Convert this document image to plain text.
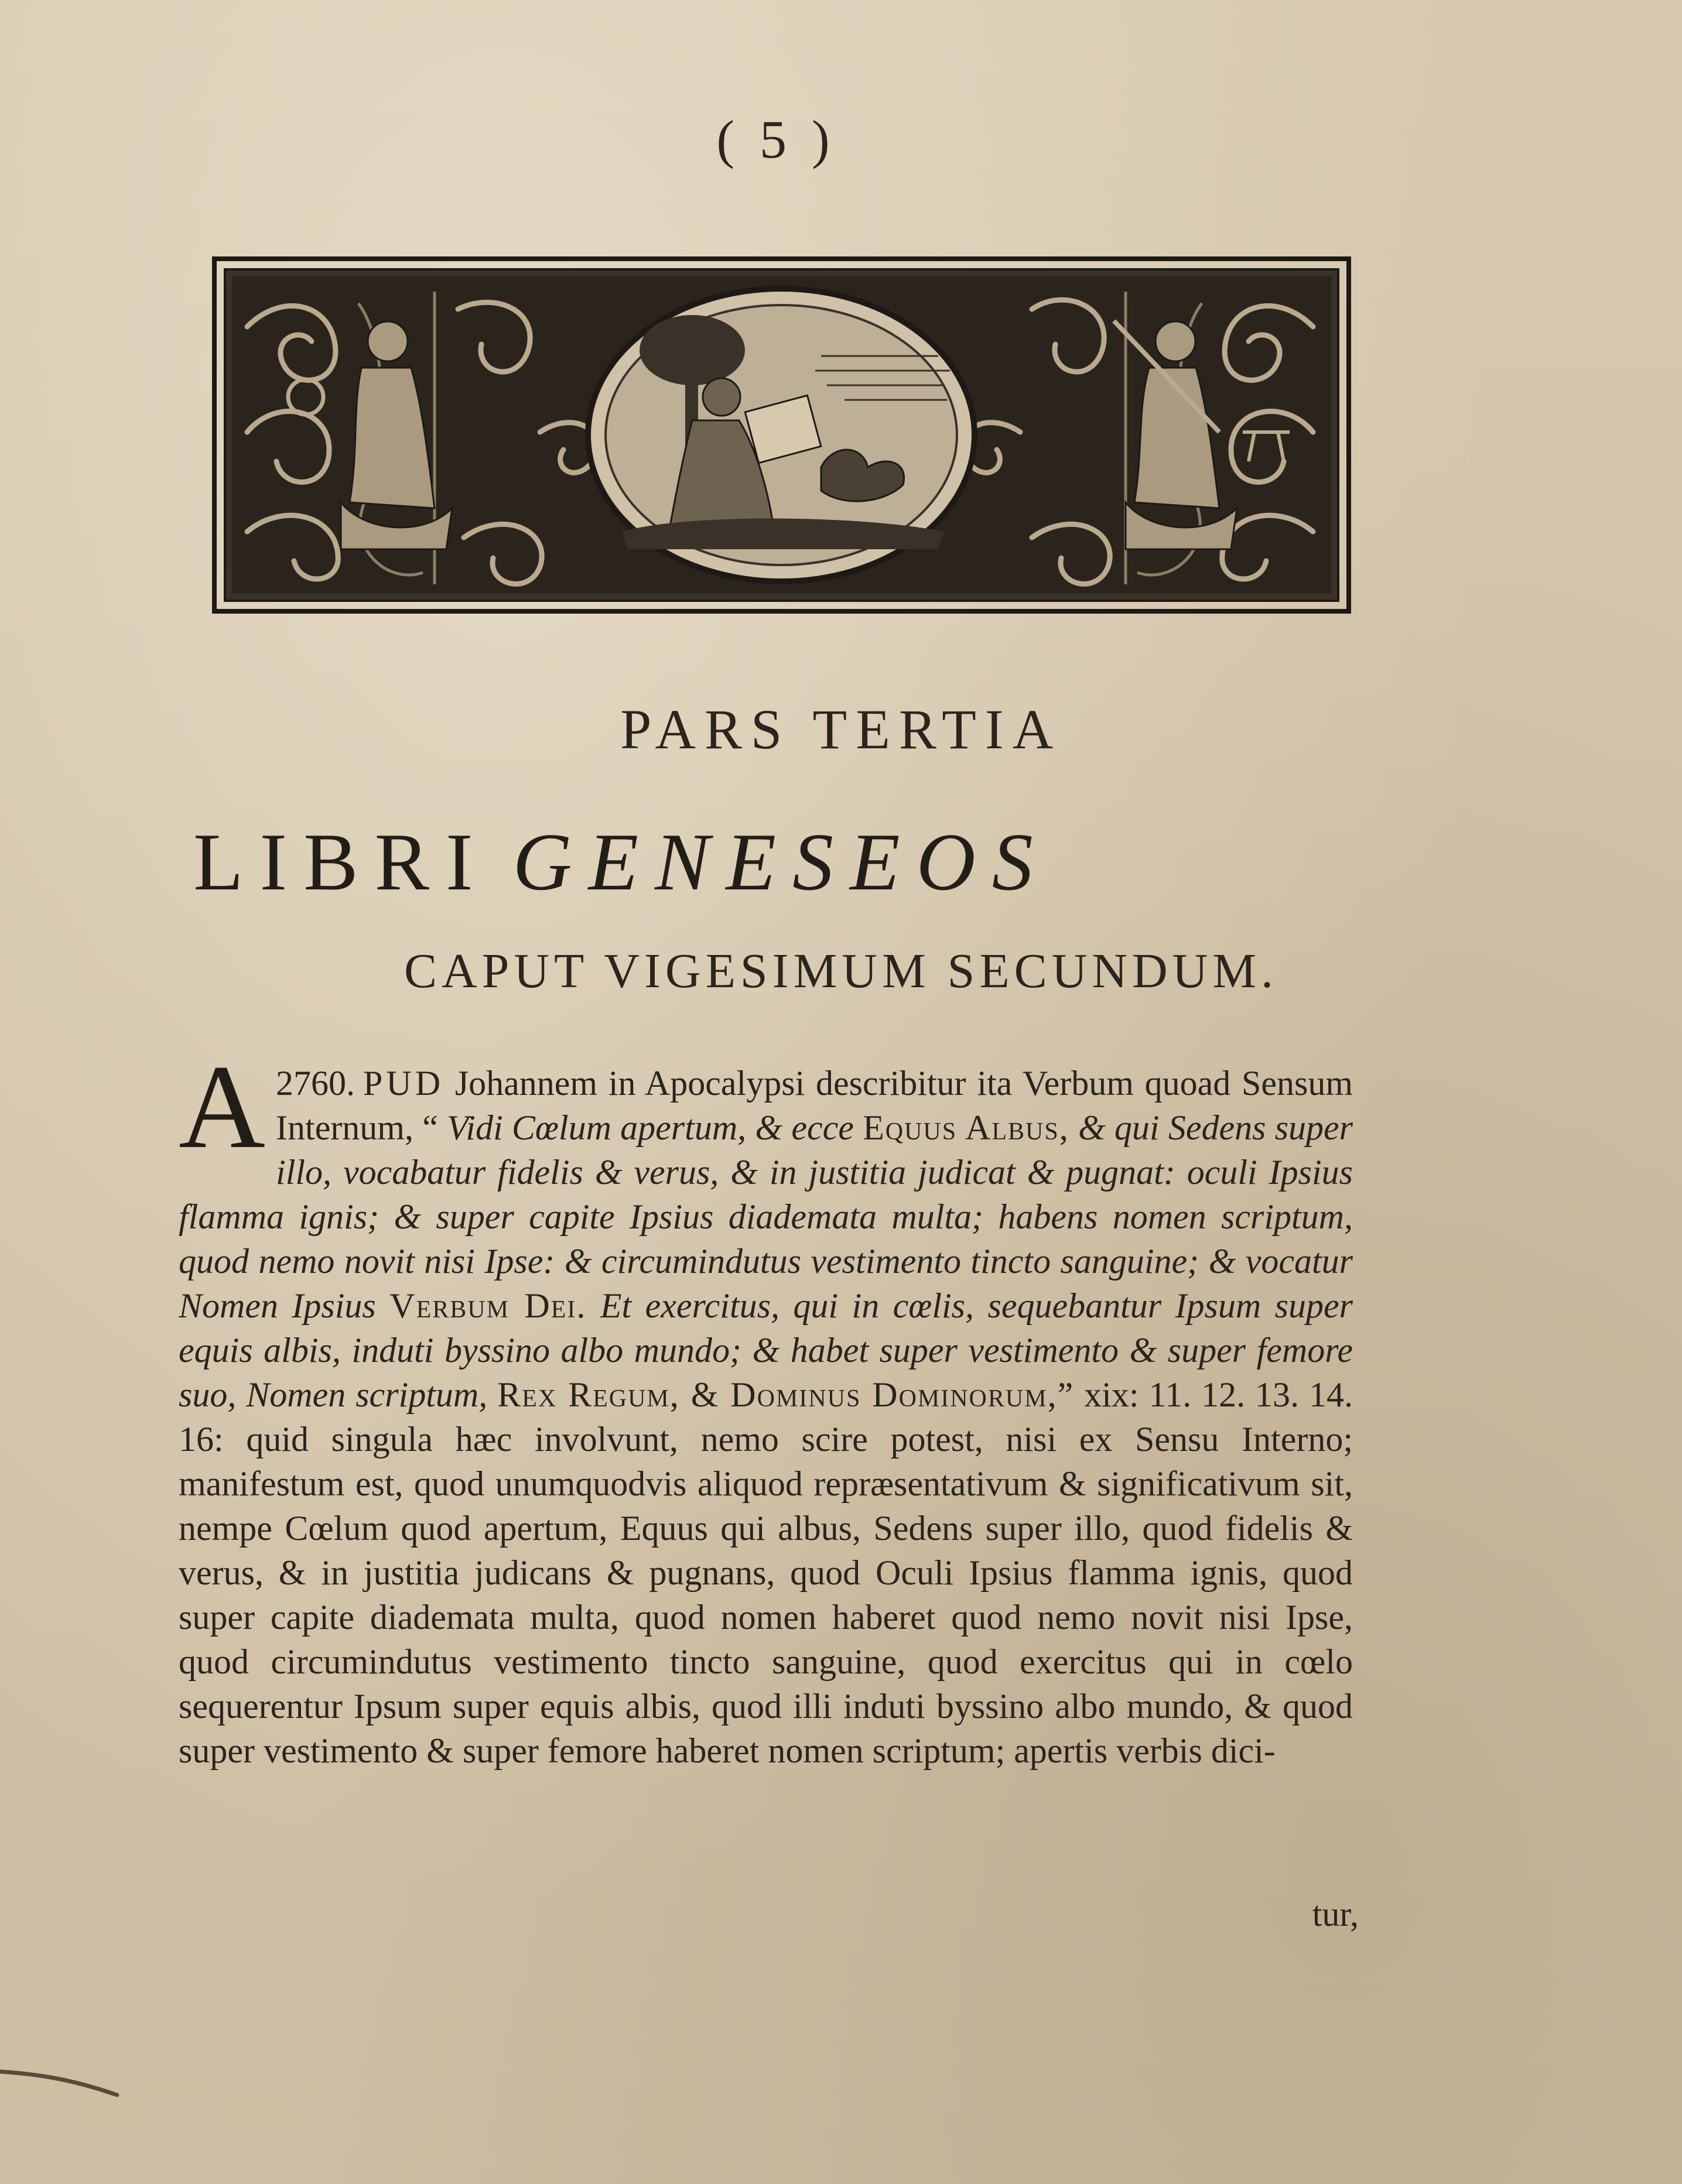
( 5 )
PARS TERTIA
LIBRI GENESEOS
CAPUT VIGESIMUM SECUNDUM.
A 2760. PUD Johannem in Apocalypsi describitur ita Verbum quoad Sensum Internum, “ Vidi Cœlum apertum, & ecce Equus Albus, & qui Sedens super illo, vocabatur fidelis & verus, & in justitia judicat & pugnat: oculi Ipsius flamma ignis; & super capite Ipsius diademata multa; habens nomen scriptum, quod nemo novit nisi Ipse: & circumindutus vestimento tincto sanguine; & vocatur Nomen Ipsius Verbum Dei. Et exercitus, qui in cœlis, sequebantur Ipsum super equis albis, induti byssino albo mundo; & habet super vestimento & super femore suo, Nomen scriptum, Rex Regum, & Dominus Dominorum,” xix: 11. 12. 13. 14. 16: quid singula hæc involvunt, nemo scire potest, nisi ex Sensu Interno; manifestum est, quod unumquodvis aliquod repræsentativum & significativum sit, nempe Cœlum quod apertum, Equus qui albus, Sedens super illo, quod fidelis & verus, & in justitia judicans & pugnans, quod Oculi Ipsius flamma ignis, quod super capite diademata multa, quod nomen haberet quod nemo novit nisi Ipse, quod circumindutus vestimento tincto sanguine, quod exercitus qui in cœlo sequerentur Ipsum super equis albis, quod illi induti byssino albo mundo, & quod super vestimento & super femore haberet nomen scriptum; apertis verbis dici-
tur,
